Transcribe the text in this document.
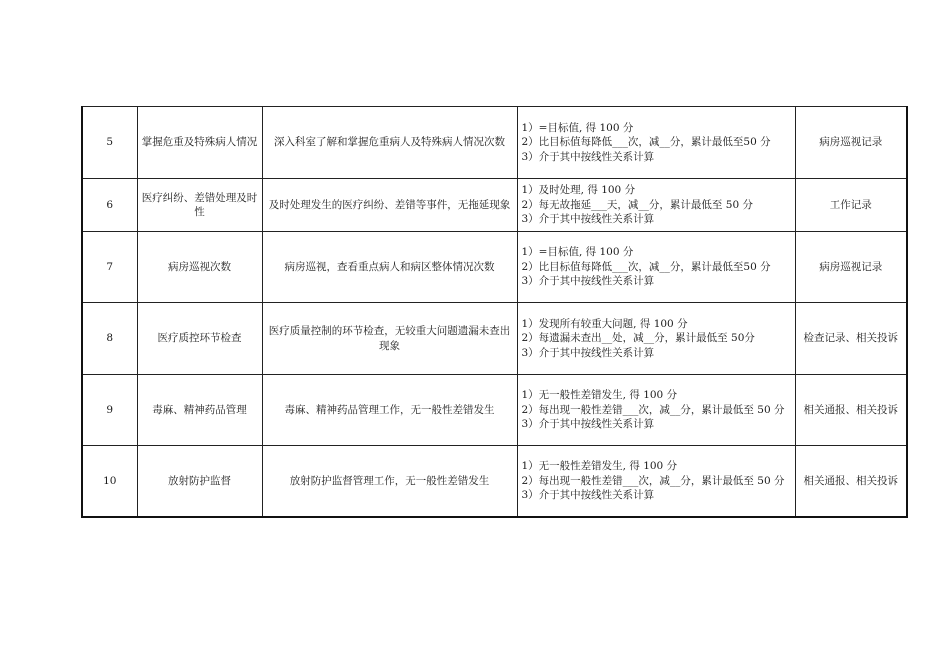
5	掌握危重及特殊病人情况	深入科室了解和掌握危重病人及特殊病人情况次数	1）=目标值, 得 100 分
2）比目标值每降低___次，减__分，累计最低至50 分
3）介于其中按线性关系计算	病房巡视记录
6	医疗纠纷、差错处理及时性	及时处理发生的医疗纠纷、差错等事件，无拖延现象	1）及时处理, 得 100 分
2）每无故拖延___天，减__分，累计最低至 50 分
3）介于其中按线性关系计算	工作记录
7	病房巡视次数	病房巡视，查看重点病人和病区整体情况次数	1）=目标值, 得 100 分
2）比目标值每降低___次，减__分，累计最低至50 分
3）介于其中按线性关系计算	病房巡视记录
8	医疗质控环节检查	医疗质量控制的环节检查，无较重大问题遗漏未查出现象	1）发现所有较重大问题, 得 100 分
2）每遗漏未查出__处，减__分，累计最低至 50分
3）介于其中按线性关系计算	检查记录、相关投诉
9	毒麻、精神药品管理	毒麻、精神药品管理工作，无一般性差错发生	1）无一般性差错发生, 得 100 分
2）每出现一般性差错___次，减__分，累计最低至 50 分
3）介于其中按线性关系计算	相关通报、相关投诉
10	放射防护监督	放射防护监督管理工作，无一般性差错发生	1）无一般性差错发生, 得 100 分
2）每出现一般性差错___次，减__分，累计最低至 50 分
3）介于其中按线性关系计算	相关通报、相关投诉
